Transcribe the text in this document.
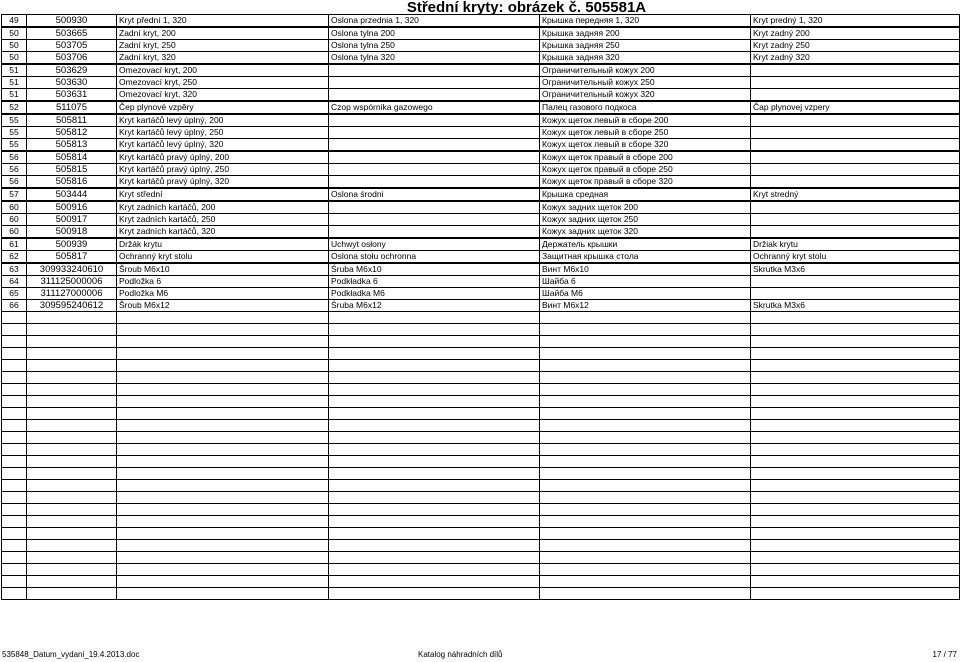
Střední kryty: obrázek č. 505581A
49	500930	Kryt přední 1, 320	Oslona przednia 1, 320	Крышка передняя 1, 320	Kryt predný 1, 320
50	503665	Zadní kryt, 200	Oslona tylna 200	Крышка задняя 200	Kryt zadný 200
50	503705	Zadní kryt, 250	Oslona tylna 250	Крышка задняя 250	Kryt zadný 250
50	503706	Zadní kryt, 320	Oslona tylna 320	Крышка задняя 320	Kryt zadný 320
51	503629	Omezovací kryt, 200		Ограничительный кожух 200	
51	503630	Omezovací kryt, 250		Ограничительный кожух 250	
51	503631	Omezovací kryt, 320		Ограничительный кожух 320	
52	511075	Čep plynové vzpěry	Czop wspórnika gazowego	Палец газового подкоса	Čap plynovej vzpery
55	505811	Kryt kartáčů levý úplný, 200		Кожух щеток левый в сборе 200	
55	505812	Kryt kartáčů levý úplný, 250		Кожух щеток левый в сборе 250	
55	505813	Kryt kartáčů levý úplný, 320		Кожух щеток левый в сборе 320	
56	505814	Kryt kartáčů pravý úplný, 200		Кожух щеток правый в сборе 200	
56	505815	Kryt kartáčů pravý úplný, 250		Кожух щеток правый в сборе 250	
56	505816	Kryt kartáčů pravý úplný, 320		Кожух щеток правый в сборе 320	
57	503444	Kryt střední	Oslona środni	Крышка средная	Kryt stredný
60	500916	Kryt zadních kartáčů, 200		Кожух задних щеток 200	
60	500917	Kryt zadních kartáčů, 250		Кожух задних щеток 250	
60	500918	Kryt zadních kartáčů, 320		Кожух задних щеток 320	
61	500939	Držák krytu	Uchwyt osłony	Держатель крышки	Držiak krytu
62	505817	Ochranný kryt stolu	Oslona stołu ochronna	Защитная крышка стола	Ochranný kryt stolu
63	309933240610	Šroub M6x10	Śruba M6x10	Винт M6x10	Skrutka M3x6
64	311125000006	Podložka 6	Podkładka 6	Шайба 6	
65	311127000006	Podložka M6	Podkładka M6	Шайба M6	
66	309595240612	Šroub M6x12	Śruba M6x12	Винт M6x12	Skrutka M3x6

535848_Datum_vydani_19.4.2013.doc	Katalog náhradních dílů	17 / 77
